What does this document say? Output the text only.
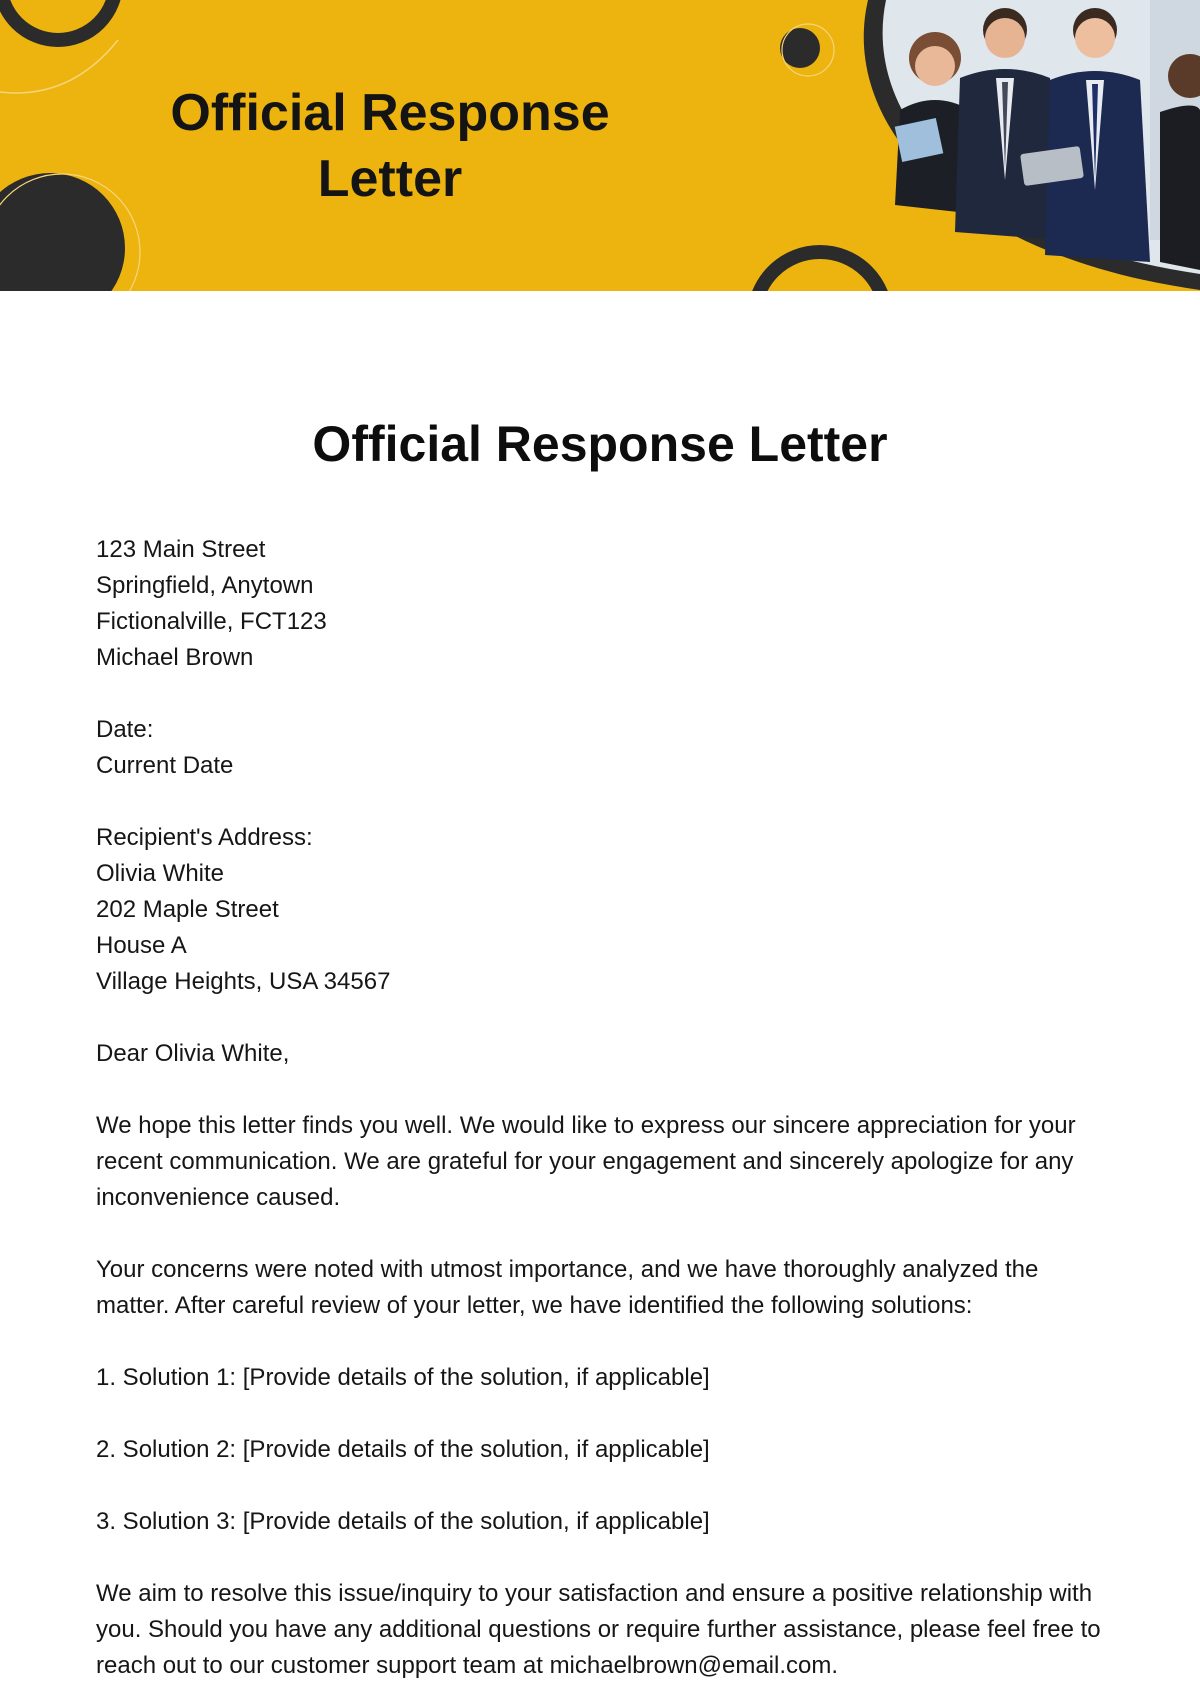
Official Response Letter
Official Response Letter
123 Main Street
Springfield, Anytown
Fictionalville, FCT123
Michael Brown
Date:
Current Date
Recipient's Address:
Olivia White
202 Maple Street
House A
Village Heights, USA 34567
Dear Olivia White,

We hope this letter finds you well. We would like to express our sincere appreciation for your recent communication. We are grateful for your engagement and sincerely apologize for any inconvenience caused.

Your concerns were noted with utmost importance, and we have thoroughly analyzed the matter. After careful review of your letter, we have identified the following solutions:

1. Solution 1: [Provide details of the solution, if applicable]
2. Solution 2: [Provide details of the solution, if applicable]
3. Solution 3: [Provide details of the solution, if applicable]

We aim to resolve this issue/inquiry to your satisfaction and ensure a positive relationship with you. Should you have any additional questions or require further assistance, please feel free to reach out to our customer support team at michaelbrown@email.com.
